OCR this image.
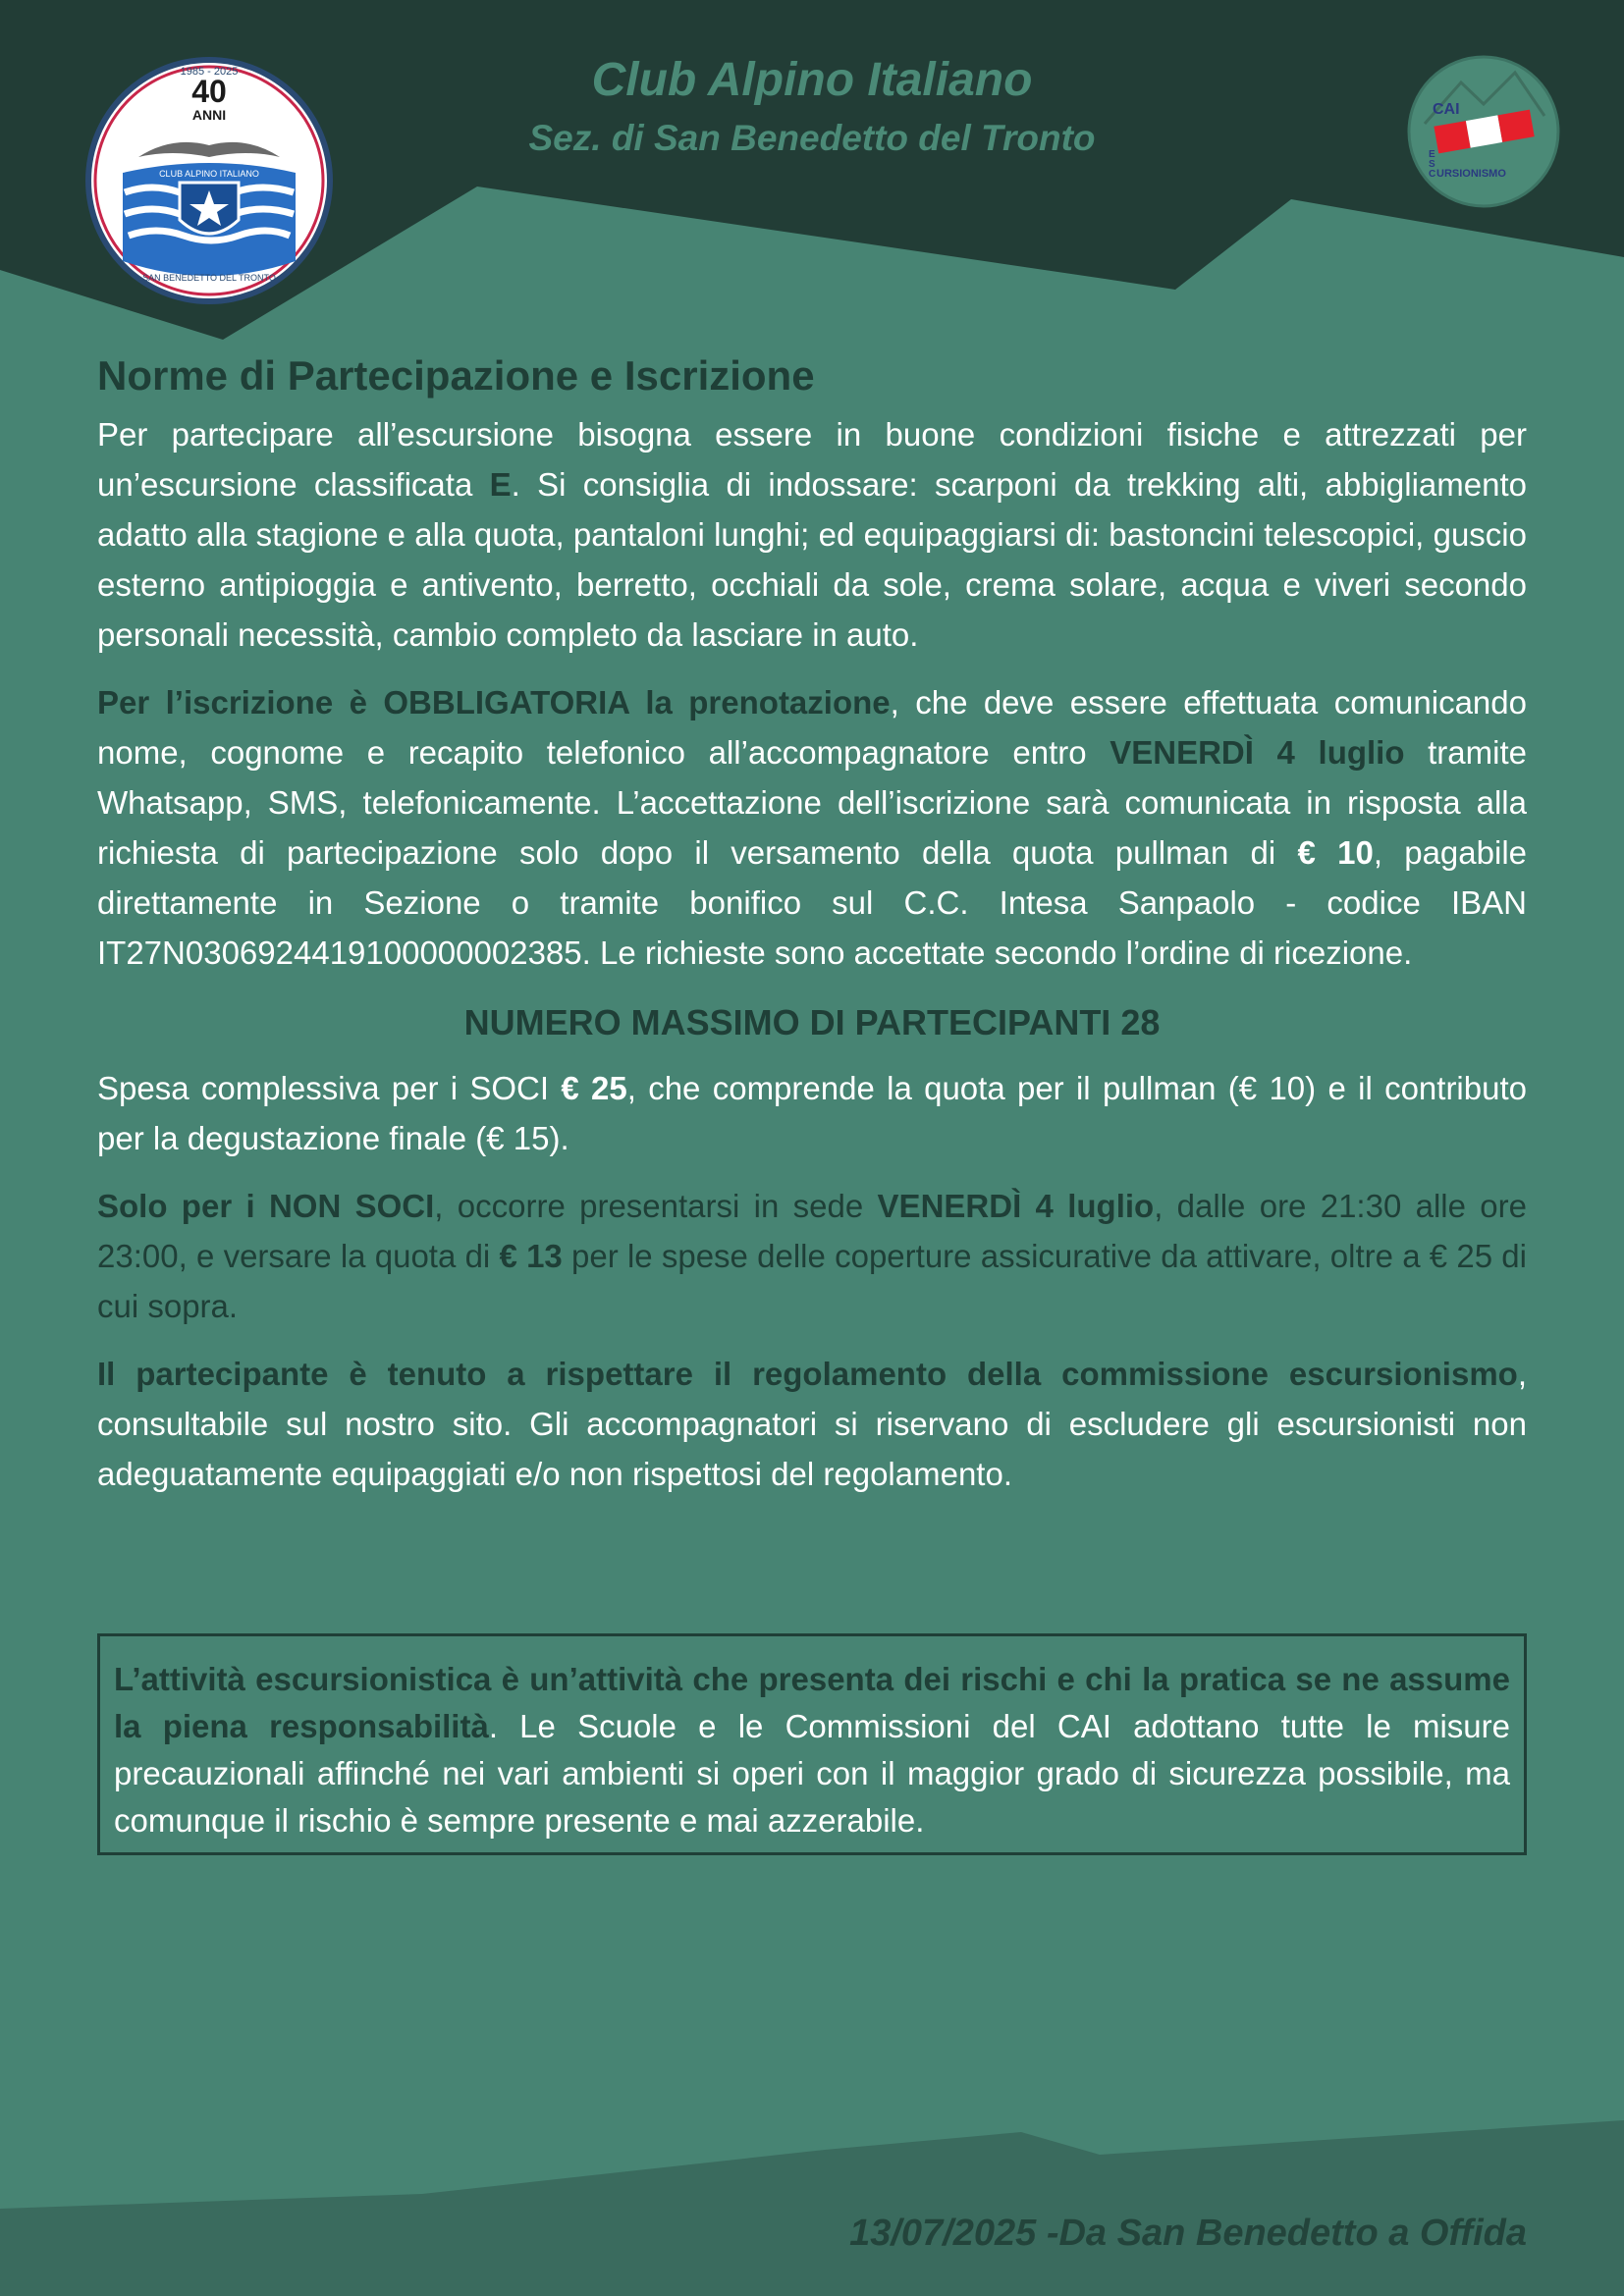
Club Alpino Italiano
Sez. di San Benedetto del Tronto
1985 - 2025
40
ANNI
CLUB ALPINO ITALIANO
SAN BENEDETTO DEL TRONTO
CAI
E
S
C URSIONISMO
Norme di Partecipazione e Iscrizione

Per partecipare all’escursione bisogna essere in buone condizioni fisiche e attrezzati per un’escursione classificata E. Si consiglia di indossare: scarponi da trekking alti, abbigliamento adatto alla stagione e alla quota, pantaloni lunghi; ed equipaggiarsi di: bastoncini telescopici, guscio esterno antipioggia e antivento, berretto, occhiali da sole, crema solare, acqua e viveri secondo personali necessità, cambio completo da lasciare in auto.

Per l’iscrizione è OBBLIGATORIA la prenotazione, che deve essere effettuata comunicando nome, cognome e recapito telefonico all’accompagnatore entro VENERDÌ 4 luglio tramite Whatsapp, SMS, telefonicamente. L’accettazione dell’iscrizione sarà comunicata in risposta alla richiesta di partecipazione solo dopo il versamento della quota pullman di € 10, pagabile direttamente in Sezione o tramite bonifico sul C.C. Intesa Sanpaolo - codice IBAN IT27N0306924419100000002385. Le richieste sono accettate secondo l’ordine di ricezione.

NUMERO MASSIMO DI PARTECIPANTI 28

Spesa complessiva per i SOCI € 25, che comprende la quota per il pullman (€ 10) e il contributo per la degustazione finale (€ 15).

Solo per i NON SOCI, occorre presentarsi in sede VENERDÌ 4 luglio, dalle ore 21:30 alle ore 23:00, e versare la quota di € 13 per le spese delle coperture assicurative da attivare, oltre a € 25 di cui sopra.

Il partecipante è tenuto a rispettare il regolamento della commissione escursionismo, consultabile sul nostro sito. Gli accompagnatori si riservano di escludere gli escursionisti non adeguatamente equipaggiati e/o non rispettosi del regolamento.

L’attività escursionistica è un’attività che presenta dei rischi e chi la pratica se ne assume la piena responsabilità. Le Scuole e le Commissioni del CAI adottano tutte le misure precauzionali affinché nei vari ambienti si operi con il maggior grado di sicurezza possibile, ma comunque il rischio è sempre presente e mai azzerabile.
13/07/2025 -Da San Benedetto a Offida
